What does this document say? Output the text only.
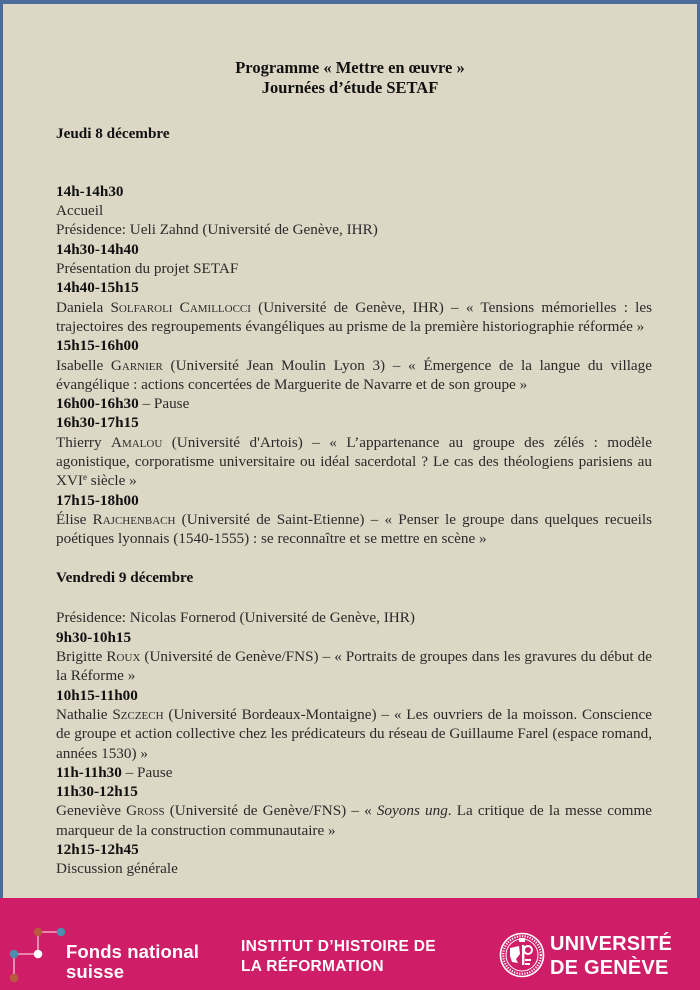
Programme « Mettre en œuvre »
Journées d’étude SETAF
Jeudi 8 décembre
14h-14h30
Accueil
Présidence: Ueli Zahnd (Université de Genève, IHR)
14h30-14h40
Présentation du projet SETAF
14h40-15h15

Daniela Solfaroli Camillocci (Université de Genève, IHR) – « Tensions mémorielles : les trajectoires des regroupements évangéliques au prisme de la première historiographie réformée »

15h15-16h00

Isabelle Garnier (Université Jean Moulin Lyon 3) – « Émergence de la langue du village évangélique : actions concertées de Marguerite de Navarre et de son groupe »

16h00-16h30 – Pause
16h30-17h15

Thierry Amalou (Université d'Artois) – « L’appartenance au groupe des zélés : modèle agonistique, corporatisme universitaire ou idéal sacerdotal ? Le cas des théologiens parisiens au XVIe siècle »

17h15-18h00

Élise Rajchenbach (Université de Saint-Etienne) – « Penser le groupe dans quelques recueils poétiques lyonnais (1540-1555) : se reconnaître et se mettre en scène »

Vendredi 9 décembre
Présidence: Nicolas Fornerod (Université de Genève, IHR)
9h30-10h15

Brigitte Roux (Université de Genève/FNS) – « Portraits de groupes dans les gravures du début de la Réforme »

10h15-11h00

Nathalie Szczech (Université Bordeaux-Montaigne) – « Les ouvriers de la moisson. Conscience de groupe et action collective chez les prédicateurs du réseau de Guillaume Farel (espace romand, années 1530) »

11h-11h30 – Pause
11h30-12h15

Geneviève Gross (Université de Genève/FNS) – « Soyons ung. La critique de la messe comme marqueur de la construction communautaire »

12h15-12h45
Discussion générale
Fonds national
suisse
INSTITUT D’HISTOIRE DE
LA RÉFORMATION
UNIVERSITÉ
DE GENÈVE
